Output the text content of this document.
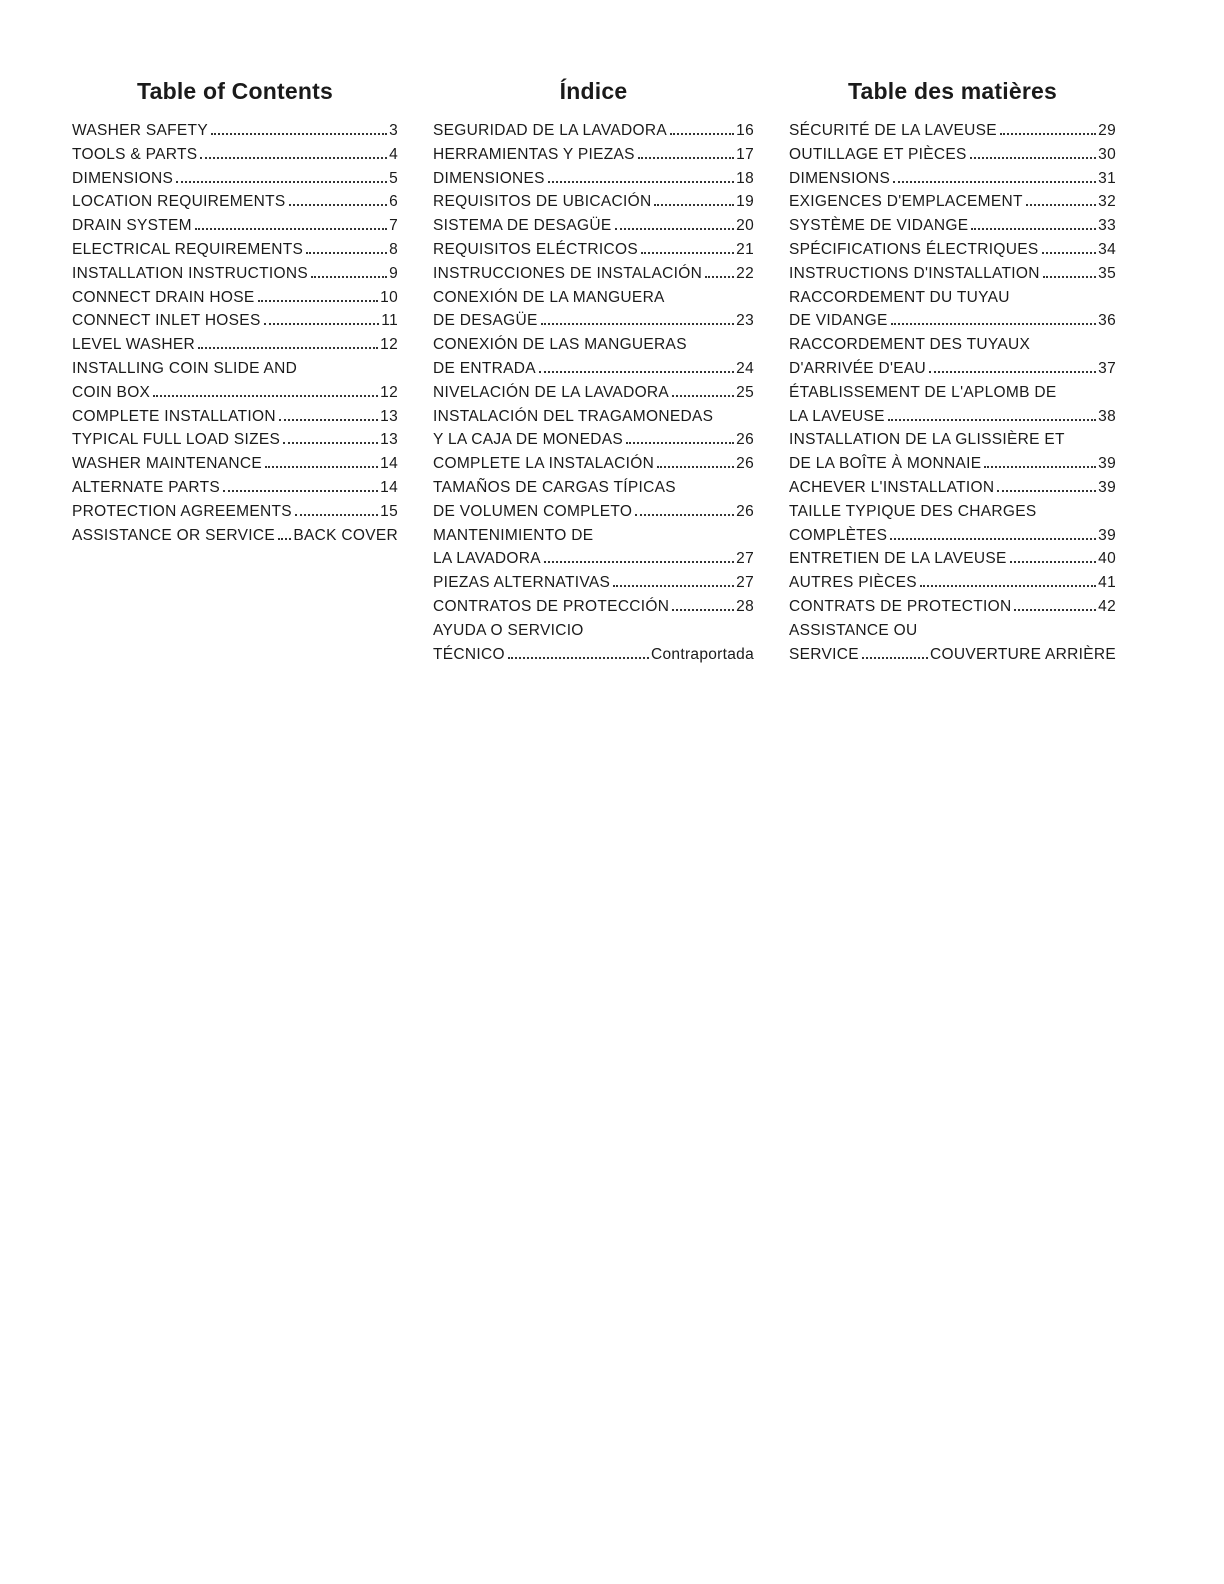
Table of Contents
WASHER SAFETY	3
TOOLS & PARTS	4
DIMENSIONS	5
LOCATION REQUIREMENTS	6
DRAIN SYSTEM	7
ELECTRICAL REQUIREMENTS	8
INSTALLATION INSTRUCTIONS	9
CONNECT DRAIN HOSE	10
CONNECT INLET HOSES	11
LEVEL WASHER	12
INSTALLING COIN SLIDE AND
COIN BOX	12
COMPLETE INSTALLATION	13
TYPICAL FULL LOAD SIZES	13
WASHER MAINTENANCE	14
ALTERNATE PARTS	14
PROTECTION AGREEMENTS	15
ASSISTANCE OR SERVICE BACK COVER
Índice
SEGURIDAD DE LA LAVADORA	16
HERRAMIENTAS Y PIEZAS	17
DIMENSIONES	18
REQUISITOS DE UBICACIÓN	19
SISTEMA DE DESAGÜE	20
REQUISITOS ELÉCTRICOS	21
INSTRUCCIONES DE INSTALACIÓN 22
CONEXIÓN DE LA MANGUERA
DE DESAGÜE	23
CONEXIÓN DE LAS MANGUERAS
DE ENTRADA	24
NIVELACIÓN DE LA LAVADORA	25
INSTALACIÓN DEL TRAGAMONEDAS
Y LA CAJA DE MONEDAS	26
COMPLETE LA INSTALACIÓN	26
TAMAÑOS DE CARGAS TÍPICAS
DE VOLUMEN COMPLETO	26
MANTENIMIENTO DE
LA LAVADORA	27
PIEZAS ALTERNATIVAS	27
CONTRATOS DE PROTECCIÓN	28
AYUDA O SERVICIO
TÉCNICO	Contraportada
Table des matières
SÉCURITÉ DE LA LAVEUSE	29
OUTILLAGE ET PIÈCES	30
DIMENSIONS	31
EXIGENCES D'EMPLACEMENT	32
SYSTÈME DE VIDANGE	33
SPÉCIFICATIONS ÉLECTRIQUES	34
INSTRUCTIONS D'INSTALLATION	35
RACCORDEMENT DU TUYAU
DE VIDANGE	36
RACCORDEMENT DES TUYAUX
D'ARRIVÉE D'EAU	37
ÉTABLISSEMENT DE L'APLOMB DE
LA LAVEUSE	38
INSTALLATION DE LA GLISSIÈRE ET
DE LA BOÎTE À MONNAIE	39
ACHEVER L'INSTALLATION	39
TAILLE TYPIQUE DES CHARGES
COMPLÈTES	39
ENTRETIEN DE LA LAVEUSE	40
AUTRES PIÈCES	41
CONTRATS DE PROTECTION	42
ASSISTANCE OU
SERVICE	COUVERTURE ARRIÈRE
